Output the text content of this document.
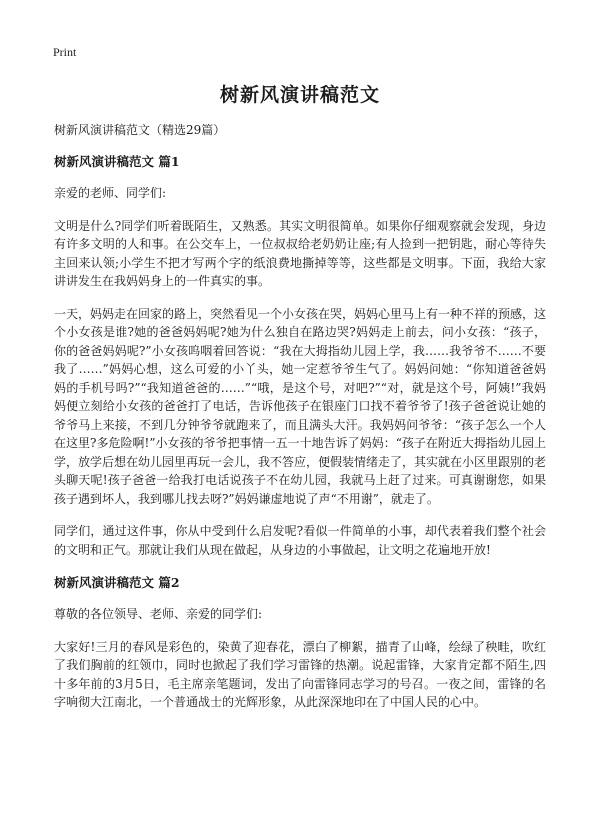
Print
树新风演讲稿范文

树新风演讲稿范文（精选29篇）

树新风演讲稿范文 篇1

亲爱的老师、同学们:

文明是什么?同学们听着既陌生，又熟悉。其实文明很简单。如果你仔细观察就会发现，身边有许多文明的人和事。在公交车上，一位叔叔给老奶奶让座;有人捡到一把钥匙，耐心等待失主回来认领;小学生不把才写两个字的纸浪费地撕掉等等，这些都是文明事。下面，我给大家讲讲发生在我妈妈身上的一件真实的事。

一天，妈妈走在回家的路上，突然看见一个小女孩在哭，妈妈心里马上有一种不祥的预感，这个小女孩是谁?她的爸爸妈妈呢?她为什么独自在路边哭?妈妈走上前去，问小女孩：“孩子，你的爸爸妈妈呢?”小女孩呜咽着回答说：“我在大拇指幼儿园上学，我……我爷爷不……不要我了……”妈妈心想，这么可爱的小丫头，她一定惹爷爷生气了。妈妈问她：“你知道爸爸妈妈的手机号吗?”“我知道爸爸的……”“哦，是这个号，对吧?”“对，就是这个号，阿姨!”我妈妈便立刻给小女孩的爸爸打了电话，告诉他孩子在银座门口找不着爷爷了!孩子爸爸说让她的爷爷马上来接，不到几分钟爷爷就跑来了，而且满头大汗。我妈妈问爷爷：“孩子怎么一个人在这里?多危险啊!”小女孩的爷爷把事情一五一十地告诉了妈妈：“孩子在附近大拇指幼儿园上学，放学后想在幼儿园里再玩一会儿，我不答应，便假装情绪走了，其实就在小区里跟别的老头聊天呢!孩子爸爸一给我打电话说孩子不在幼儿园，我就马上赶了过来。可真谢谢您，如果孩子遇到坏人，我到哪儿找去呀?”妈妈谦虚地说了声“不用谢”，就走了。

同学们，通过这件事，你从中受到什么启发呢?看似一件简单的小事，却代表着我们整个社会的文明和正气。那就让我们从现在做起，从身边的小事做起，让文明之花遍地开放!

树新风演讲稿范文 篇2

尊敬的各位领导、老师、亲爱的同学们:

大家好!三月的春风是彩色的，染黄了迎春花，漂白了柳絮，描青了山峰，绘绿了秧畦，吹红了我们胸前的红领巾，同时也掀起了我们学习雷锋的热潮。说起雷锋，大家肯定都不陌生,四十多年前的3月5日，毛主席亲笔题词，发出了向雷锋同志学习的号召。一夜之间，雷锋的名字响彻大江南北，一个普通战士的光辉形象，从此深深地印在了中国人民的心中。
